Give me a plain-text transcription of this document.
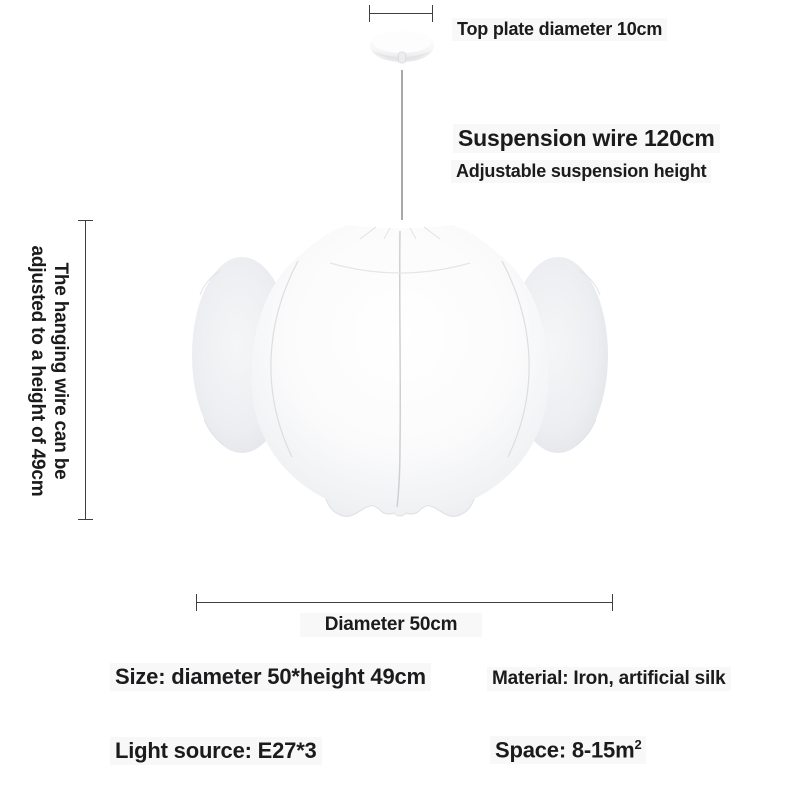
Top plate diameter 10cm
Suspension wire 120cm
Adjustable suspension height
The hanging wire can be
adjusted to a height of 49cm
Diameter 50cm
Size: diameter 50*height 49cm	Material: Iron, artificial silk
Light source: E27*3	Space: $8-15m^2$
